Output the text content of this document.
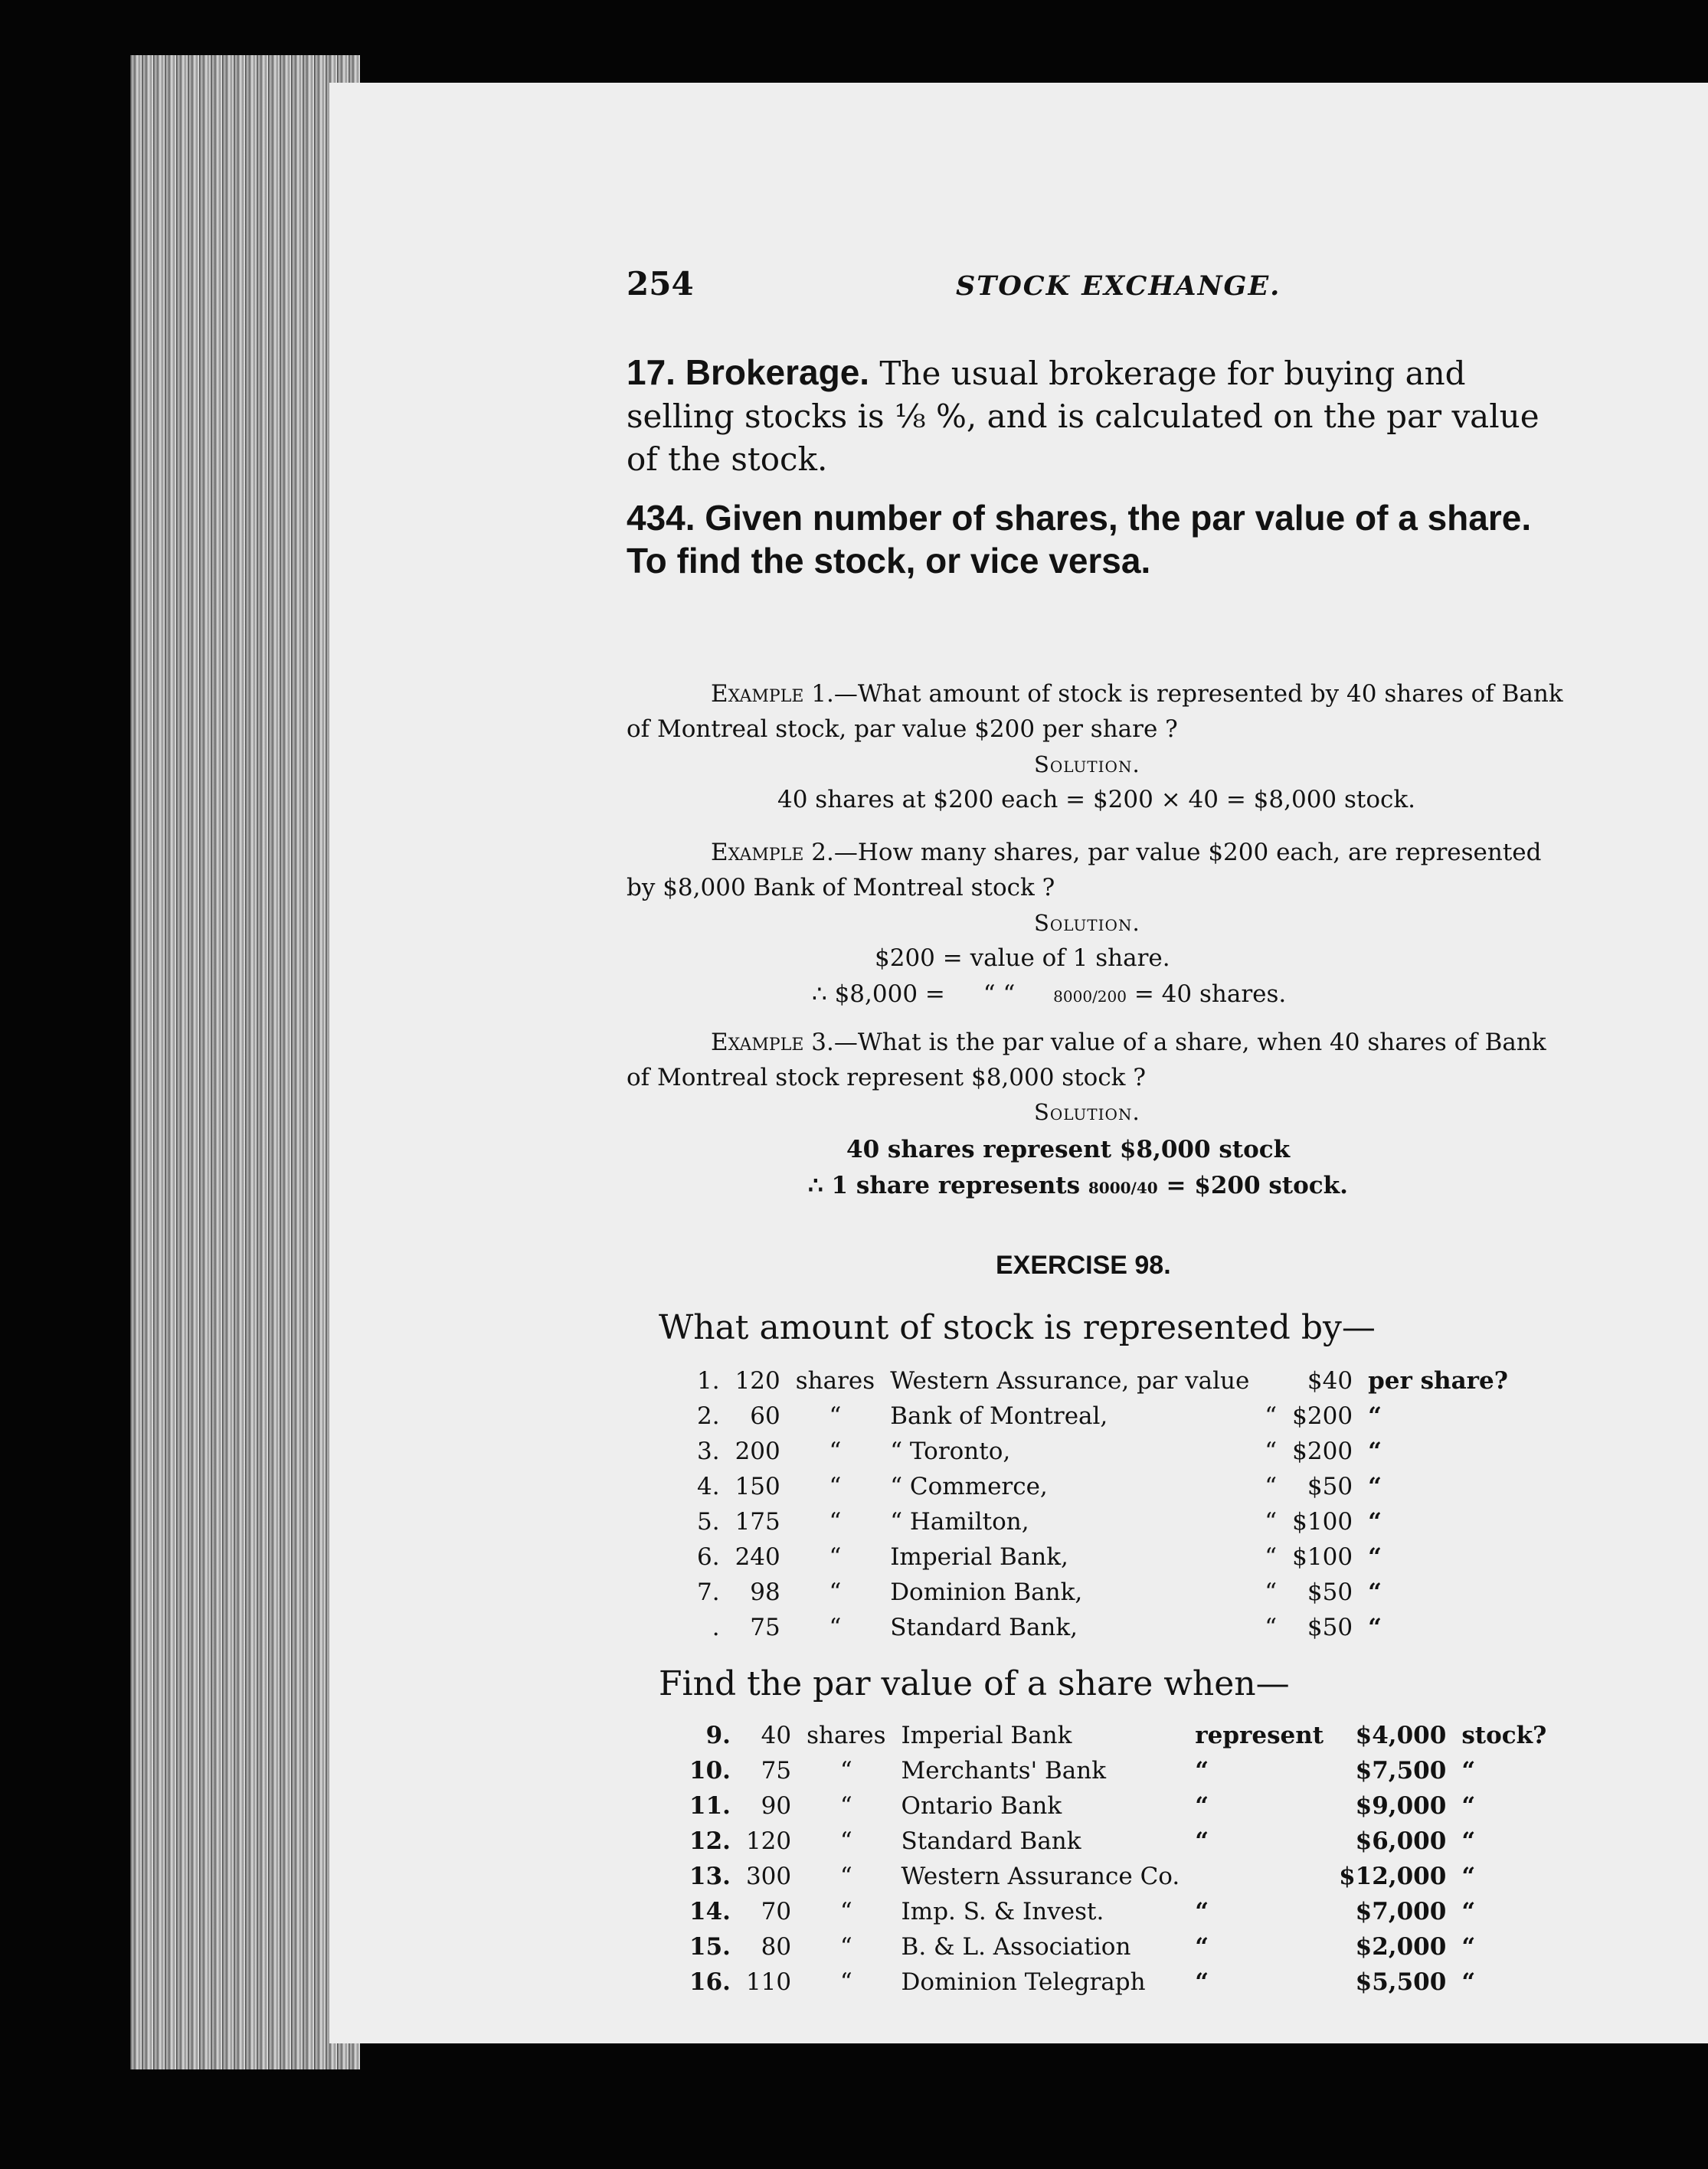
254	STOCK EXCHANGE.
17. Brokerage. The usual brokerage for buying and selling stocks is ⅛ %, and is calculated on the par value of the stock.
434. Given number of shares, the par value of a share. To find the stock, or vice versa.
Example 1.—What amount of stock is represented by 40 shares of Bank of Montreal stock, par value $200 per share ?
Solution.
40 shares at $200 each = $200 × 40 = $8,000 stock.
Example 2.—How many shares, par value $200 each, are represented by $8,000 Bank of Montreal stock ?
Solution.
$200 = value of 1 share.
∴ $8,000 = “ “ 8000/200 = 40 shares.
Example 3.—What is the par value of a share, when 40 shares of Bank of Montreal stock represent $8,000 stock ?
Solution.
40 shares represent $8,000 stock
∴ 1 share represents 8000/40 = $200 stock.
EXERCISE 98.
What amount of stock is represented by—
1.	120	shares	Western Assurance, par value		$40	per share?
2.	60	“	Bank of Montreal,	“	$200	“
3.	200	“	“ Toronto,	“	$200	“
4.	150	“	“ Commerce,	“	$50	“
5.	175	“	“ Hamilton,	“	$100	“
6.	240	“	Imperial Bank,	“	$100	“
7.	98	“	Dominion Bank,	“	$50	“
.	75	“	Standard Bank,	“	$50	“
Find the par value of a share when—
9.	40	shares	Imperial Bank	represent	$4,000	stock?
10.	75	“	Merchants' Bank	“	$7,500	“
11.	90	“	Ontario Bank	“	$9,000	“
12.	120	“	Standard Bank	“	$6,000	“
13.	300	“	Western Assurance Co.		$12,000	“
14.	70	“	Imp. S. & Invest.	“	$7,000	“
15.	80	“	B. & L. Association	“	$2,000	“
16.	110	“	Dominion Telegraph	“	$5,500	“
